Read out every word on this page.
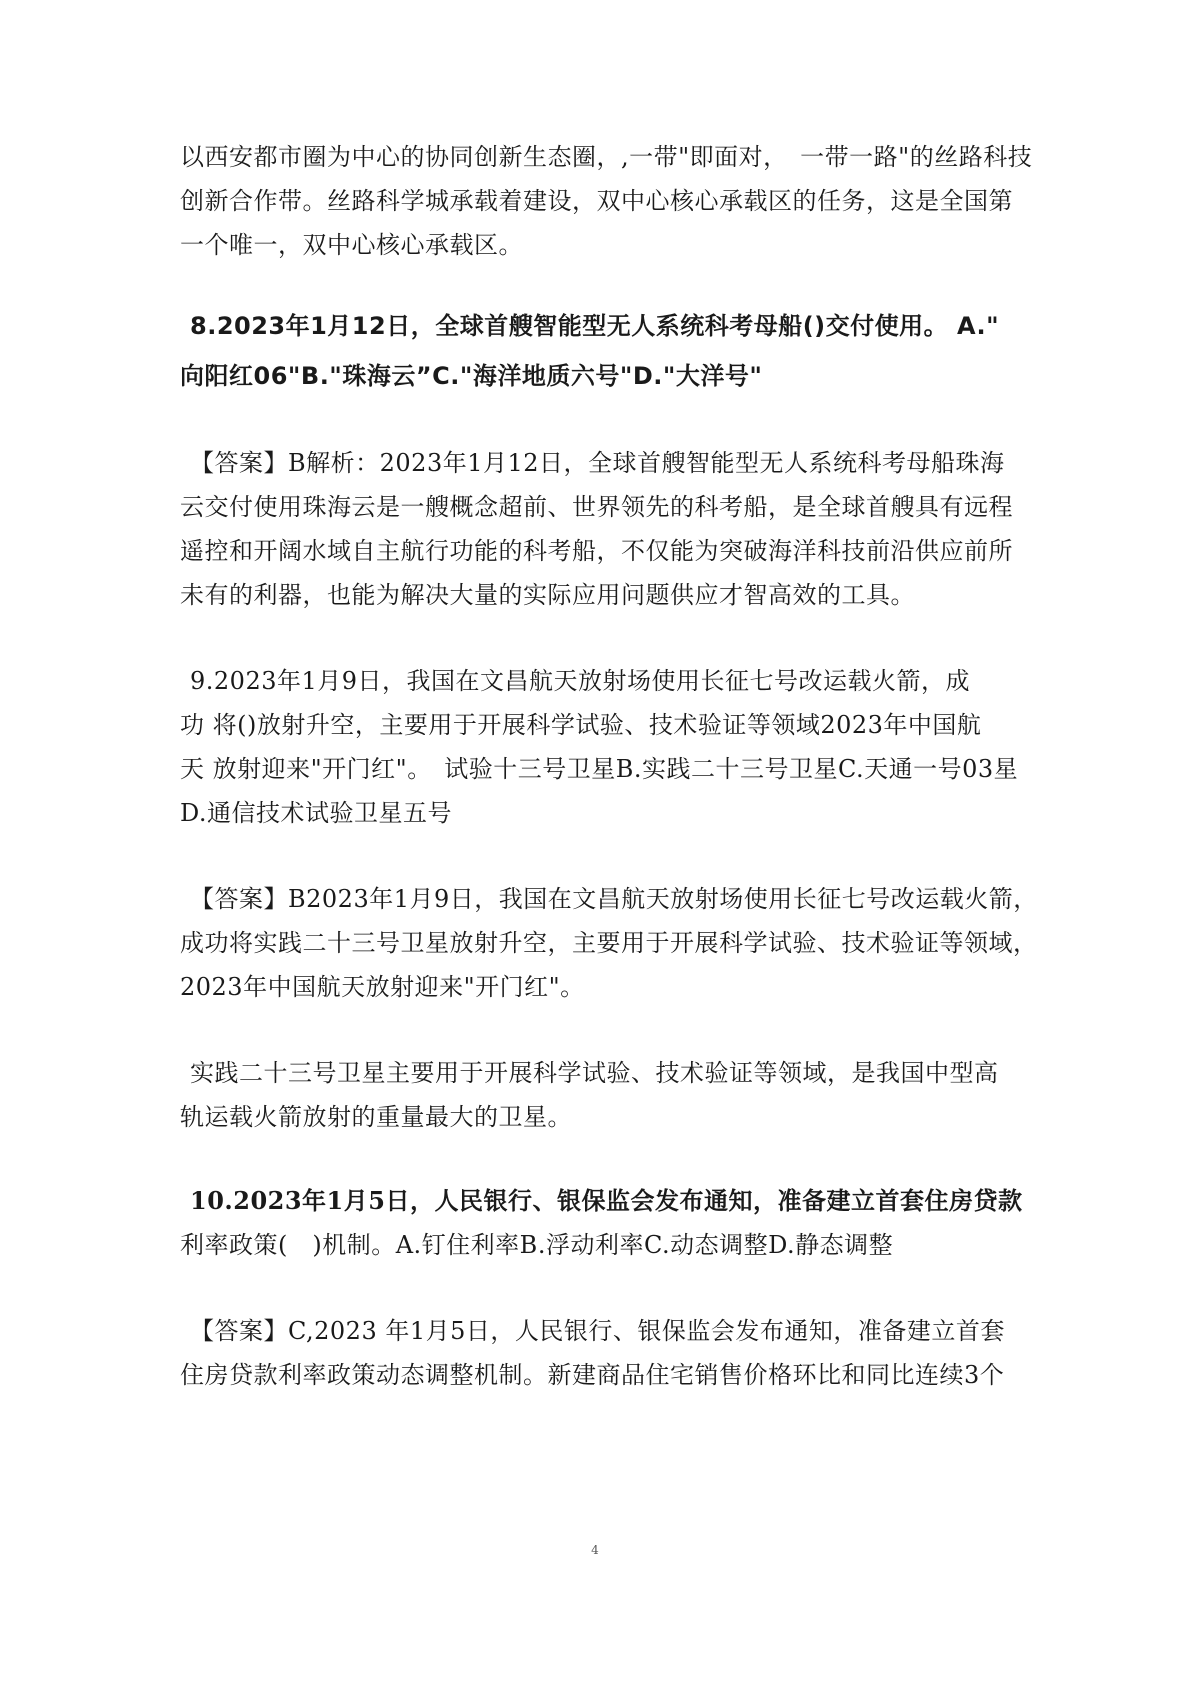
以西安都市圈为中心的协同创新生态圈，,一带"即面对，　一带一路"的丝路科技
创新合作带。丝路科学城承载着建设，双中心核心承载区的任务，这是全国第
一个唯一，双中心核心承载区。
8.2023年1月12日，全球首艘智能型无人系统科考母船()交付使用。 A."
向阳红06"B."珠海云”C."海洋地质六号"D."大洋号"
【答案】B解析：2023年1月12日，全球首艘智能型无人系统科考母船珠海
云交付使用珠海云是一艘概念超前、世界领先的科考船，是全球首艘具有远程
遥控和开阔水域自主航行功能的科考船，不仅能为突破海洋科技前沿供应前所
未有的利器，也能为解决大量的实际应用问题供应才智高效的工具。
9.2023年1月9日，我国在文昌航天放射场使用长征七号改运载火箭，成
功 将()放射升空，主要用于开展科学试验、技术验证等领域2023年中国航
天 放射迎来"开门红"。　试验十三号卫星B.实践二十三号卫星C.天通一号03星
D.通信技术试验卫星五号
【答案】B2023年1月9日，我国在文昌航天放射场使用长征七号改运载火箭，
成功将实践二十三号卫星放射升空，主要用于开展科学试验、技术验证等领域，
2023年中国航天放射迎来"开门红"。
实践二十三号卫星主要用于开展科学试验、技术验证等领域，是我国中型高
轨运载火箭放射的重量最大的卫星。
10.2023年1月5日，人民银行、银保监会发布通知，准备建立首套住房贷款
利率政策(　)机制。A.钉住利率B.浮动利率C.动态调整D.静态调整
【答案】C,2023 年1月5日，人民银行、银保监会发布通知，准备建立首套
住房贷款利率政策动态调整机制。新建商品住宅销售价格环比和同比连续3个
4
